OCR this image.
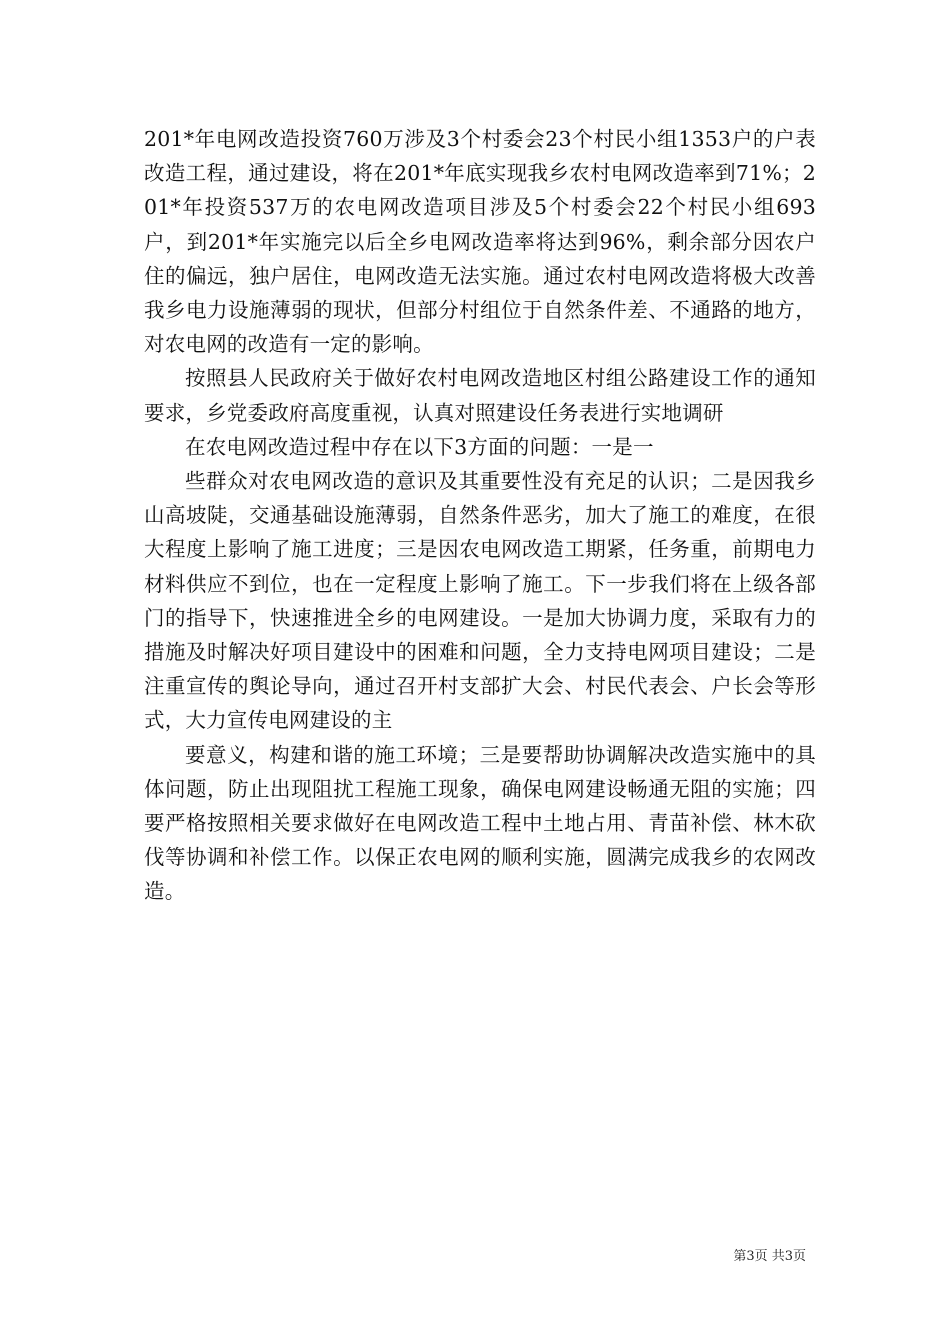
201*年电网改造投资760万涉及3个村委会23个村民小组1353户的户表改造工程，通过建设，将在201*年底实现我乡农村电网改造率到71%；201*年投资537万的农电网改造项目涉及5个村委会22个村民小组693户，到201*年实施完以后全乡电网改造率将达到96%，剩余部分因农户住的偏远，独户居住，电网改造无法实施。通过农村电网改造将极大改善我乡电力设施薄弱的现状，但部分村组位于自然条件差、不通路的地方，对农电网的改造有一定的影响。

按照县人民政府关于做好农村电网改造地区村组公路建设工作的通知要求，乡党委政府高度重视，认真对照建设任务表进行实地调研

在农电网改造过程中存在以下3方面的问题：一是一

些群众对农电网改造的意识及其重要性没有充足的认识；二是因我乡山高坡陡，交通基础设施薄弱，自然条件恶劣，加大了施工的难度，在很大程度上影响了施工进度；三是因农电网改造工期紧，任务重，前期电力材料供应不到位，也在一定程度上影响了施工。下一步我们将在上级各部门的指导下，快速推进全乡的电网建设。一是加大协调力度，采取有力的措施及时解决好项目建设中的困难和问题，全力支持电网项目建设；二是注重宣传的舆论导向，通过召开村支部扩大会、村民代表会、户长会等形式，大力宣传电网建设的主

要意义，构建和谐的施工环境；三是要帮助协调解决改造实施中的具体问题，防止出现阻扰工程施工现象，确保电网建设畅通无阻的实施；四要严格按照相关要求做好在电网改造工程中土地占用、青苗补偿、林木砍伐等协调和补偿工作。以保正农电网的顺利实施，圆满完成我乡的农网改造。

第3页 共3页
